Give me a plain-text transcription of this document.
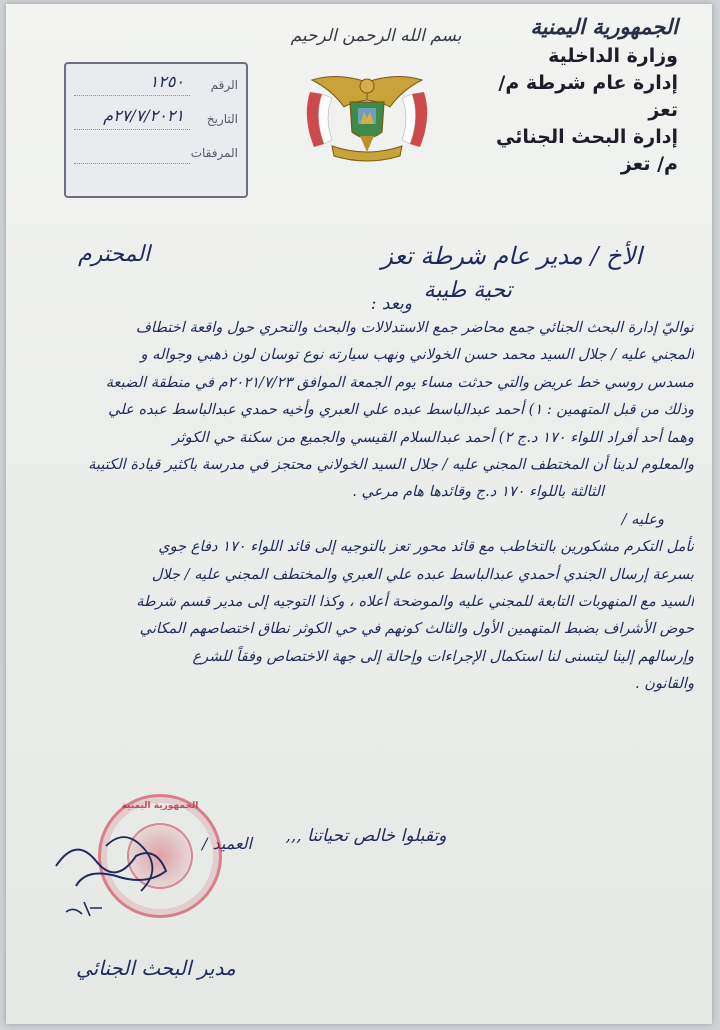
الجمهورية اليمنية
وزارة الداخلية
إدارة عام شرطة م/ تعز
إدارة البحث الجنائي م/ تعز
بسم الله الرحمن الرحيم
الرقم
١٢٥٠
التاريخ
٢٧/٧/٢٠٢١م
المرفقات
الأخ / مدير عام شرطة تعز
المحترم
تحية طيبة
وبعد :

تواليّ إدارة البحث الجنائي جمع محاضر جمع الاستدلالات والبحث والتحري حول واقعة اختطاف

المجني عليه / جلال السيد محمد حسن الخولاني ونهب سيارته نوع توسان لون ذهبي وجواله و

مسدس روسي خط عريض والتي حدثت مساء يوم الجمعة الموافق ٢٠٢١/٧/٢٣م في منطقة الضبعة

وذلك من قبل المتهمين : ١) أحمد عبدالباسط عبده علي العبري وأخيه حمدي عبدالباسط عبده علي

وهما أحد أفراد اللواء ١٧٠ د.ج ٢) أحمد عبدالسلام القيسي والجميع من سكنة حي الكوثر

والمعلوم لدينا أن المختطف المجني عليه / جلال السيد الخولاني محتجز في مدرسة باكثير قيادة الكتيبة

الثالثة باللواء ١٧٠ د.ج وقائدها هام مرعي .

وعليه /

نأمل التكرم مشكورين بالتخاطب مع قائد محور تعز بالتوجيه إلى قائد اللواء ١٧٠ دفاع جوي

بسرعة إرسال الجندي أحمدي عبدالباسط عبده علي العبري والمختطف المجني عليه / جلال

السيد مع المنهوبات التابعة للمجني عليه والموضحة أعلاه ، وكذا التوجيه إلى مدير قسم شرطة

حوض الأشراف بضبط المتهمين الأول والثالث كونهم في حي الكوثر نطاق اختصاصهم المكاني

وإرسالهم إلينا ليتسنى لنا استكمال الإجراءات وإحالة إلى جهة الاختصاص وفقاً للشرع

والقانون .

وتقبلوا خالص تحياتنا ,,,
العميد /
الجمهورية اليمنية
مدير البحث الجنائي
